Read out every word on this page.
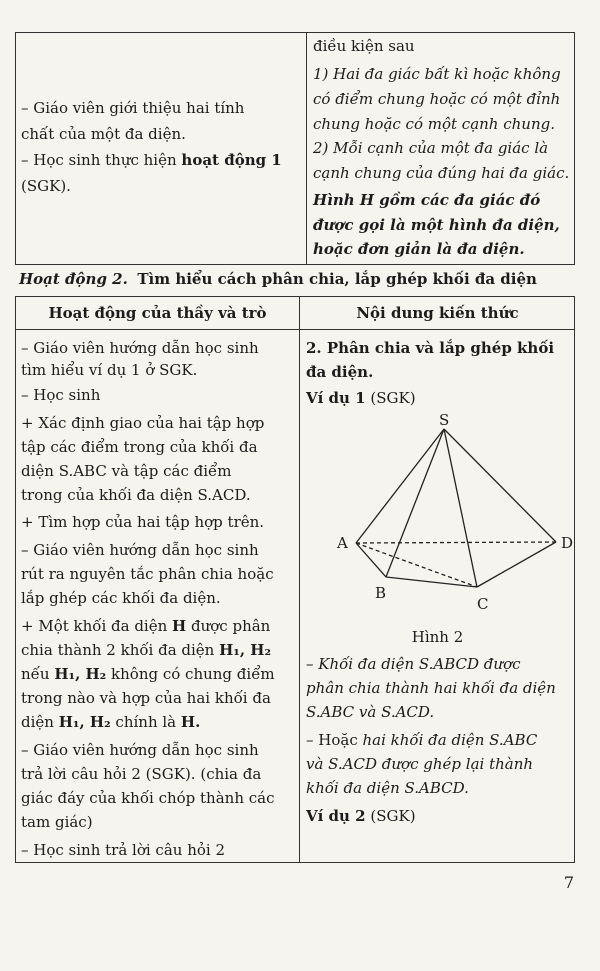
– Giáo viên giới thiệu hai tính
chất của một đa diện.
– Học sinh thực hiện hoạt động 1
(SGK).
điều kiện sau
1) Hai đa giác bất kì hoặc không
có điểm chung hoặc có một đỉnh
chung hoặc có một cạnh chung.
2) Mỗi cạnh của một đa giác là
cạnh chung của đúng hai đa giác.
Hình H gồm các đa giác đó
được gọi là một hình đa diện,
hoặc đơn giản là đa diện.
Hoạt động 2. Tìm hiểu cách phân chia, lắp ghép khối đa diện
Hoạt động của thầy và trò	Nội dung kiến thức
– Giáo viên hướng dẫn học sinh
tìm hiểu ví dụ 1 ở SGK.
– Học sinh
+ Xác định giao của hai tập hợp
tập các điểm trong của khối đa
diện S.ABC và tập các điểm
trong của khối đa diện S.ACD.
+ Tìm hợp của hai tập hợp trên.
– Giáo viên hướng dẫn học sinh
rút ra nguyên tắc phân chia hoặc
lắp ghép các khối đa diện.
+ Một khối đa diện H được phân
chia thành 2 khối đa diện H₁, H₂
nếu H₁, H₂ không có chung điểm
trong nào và hợp của hai khối đa
diện H₁, H₂ chính là H.
– Giáo viên hướng dẫn học sinh
trả lời câu hỏi 2 (SGK). (chia đa
giác đáy của khối chóp thành các
tam giác)
– Học sinh trả lời câu hỏi 2
2. Phân chia và lắp ghép khối
đa diện.
Ví dụ 1 (SGK)
S
A
B
C
D
Hình 2
– Khối đa diện S.ABCD được
phân chia thành hai khối đa diện
S.ABC và S.ACD.
– Hoặc hai khối đa diện S.ABC
và S.ACD được ghép lại thành
khối đa diện S.ABCD.
Ví dụ 2 (SGK)
7
